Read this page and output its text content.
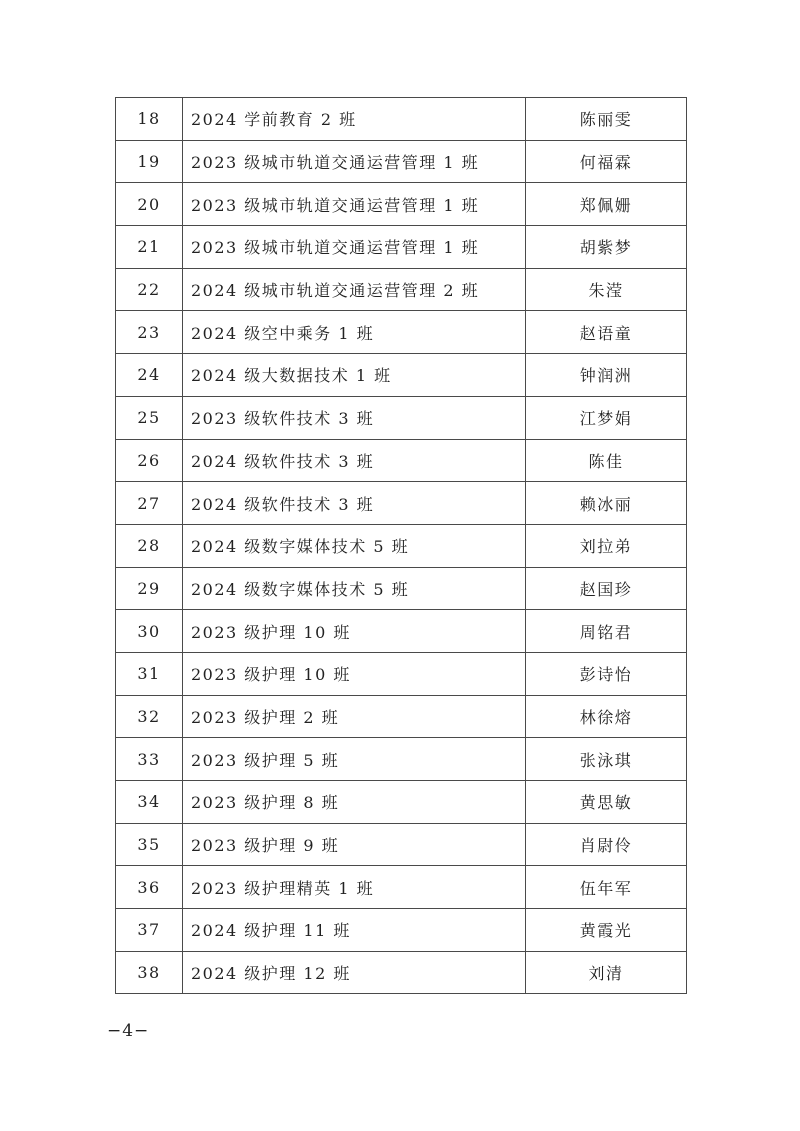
18	2024 学前教育 2 班	陈丽雯
19	2023 级城市轨道交通运营管理 1 班	何福霖
20	2023 级城市轨道交通运营管理 1 班	郑佩姗
21	2023 级城市轨道交通运营管理 1 班	胡紫梦
22	2024 级城市轨道交通运营管理 2 班	朱滢
23	2024 级空中乘务 1 班	赵语童
24	2024 级大数据技术 1 班	钟润洲
25	2023 级软件技术 3 班	江梦娟
26	2024 级软件技术 3 班	陈佳
27	2024 级软件技术 3 班	赖冰丽
28	2024 级数字媒体技术 5 班	刘拉弟
29	2024 级数字媒体技术 5 班	赵国珍
30	2023 级护理 10 班	周铭君
31	2023 级护理 10 班	彭诗怡
32	2023 级护理 2 班	林徐熔
33	2023 级护理 5 班	张泳琪
34	2023 级护理 8 班	黄思敏
35	2023 级护理 9 班	肖尉伶
36	2023 级护理精英 1 班	伍年军
37	2024 级护理 11 班	黄霞光
38	2024 级护理 12 班	刘清
−4−
